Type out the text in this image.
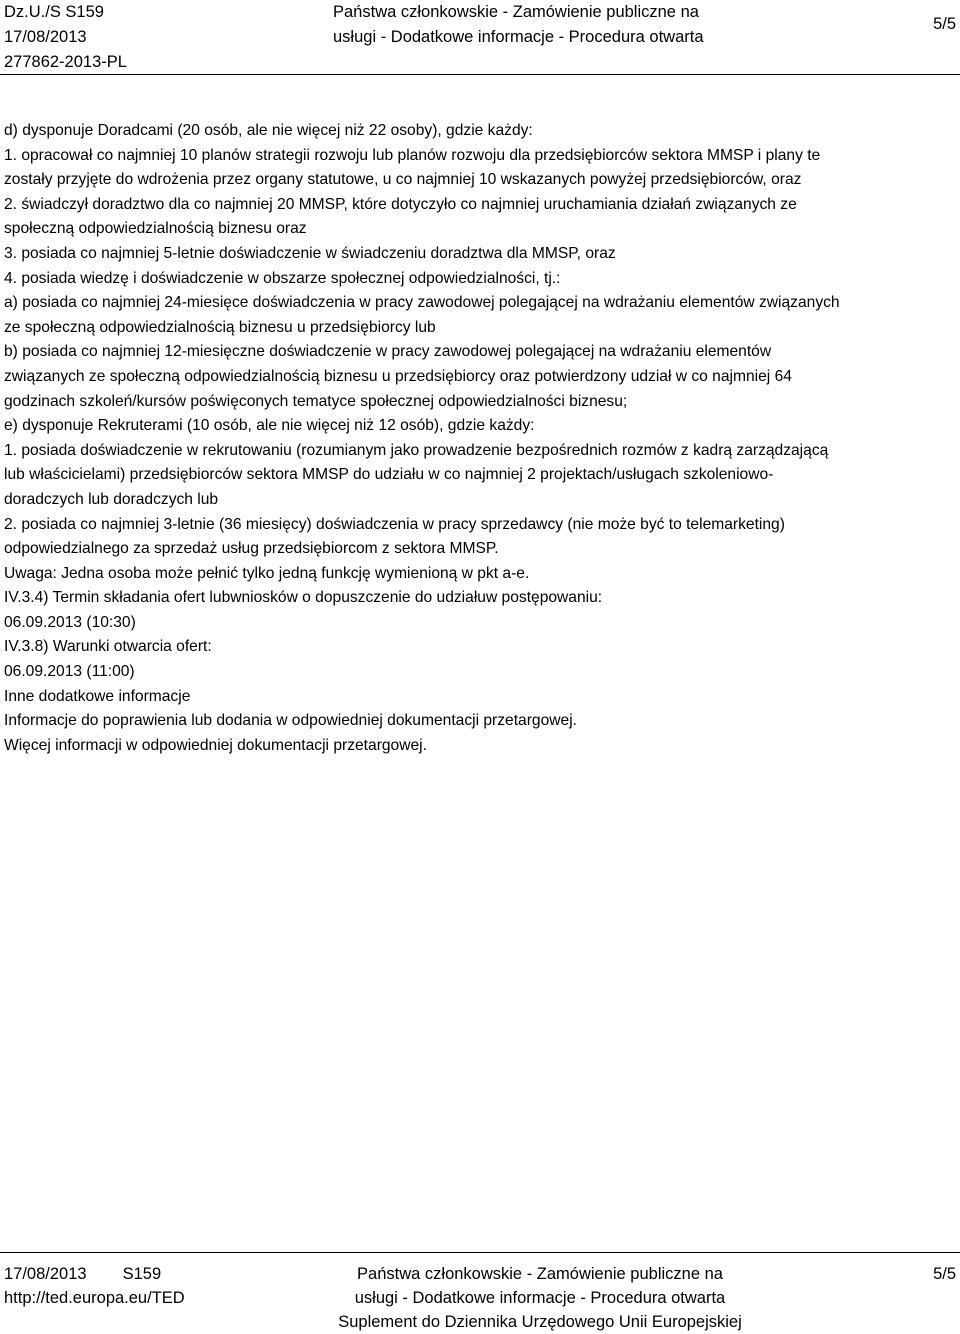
Dz.U./S S159
17/08/2013
277862-2013-PL
Państwa członkowskie - Zamówienie publiczne na
usługi - Dodatkowe informacje - Procedura otwarta
5/5

d) dysponuje Doradcami (20 osób, ale nie więcej niż 22 osoby), gdzie każdy:

1. opracował co najmniej 10 planów strategii rozwoju lub planów rozwoju dla przedsiębiorców sektora MMSP i plany te

zostały przyjęte do wdrożenia przez organy statutowe, u co najmniej 10 wskazanych powyżej przedsiębiorców, oraz

2. świadczył doradztwo dla co najmniej 20 MMSP, które dotyczyło co najmniej uruchamiania działań związanych ze

społeczną odpowiedzialnością biznesu oraz

3. posiada co najmniej 5-letnie doświadczenie w świadczeniu doradztwa dla MMSP, oraz

4. posiada wiedzę i doświadczenie w obszarze społecznej odpowiedzialności, tj.:

a) posiada co najmniej 24-miesięce doświadczenia w pracy zawodowej polegającej na wdrażaniu elementów związanych

ze społeczną odpowiedzialnością biznesu u przedsiębiorcy lub

b) posiada co najmniej 12-miesięczne doświadczenie w pracy zawodowej polegającej na wdrażaniu elementów

związanych ze społeczną odpowiedzialnością biznesu u przedsiębiorcy oraz potwierdzony udział w co najmniej 64

godzinach szkoleń/kursów poświęconych tematyce społecznej odpowiedzialności biznesu;

e) dysponuje Rekruterami (10 osób, ale nie więcej niż 12 osób), gdzie każdy:

1. posiada doświadczenie w rekrutowaniu (rozumianym jako prowadzenie bezpośrednich rozmów z kadrą zarządzającą

lub właścicielami) przedsiębiorców sektora MMSP do udziału w co najmniej 2 projektach/usługach szkoleniowo-

doradczych lub doradczych lub

2. posiada co najmniej 3-letnie (36 miesięcy) doświadczenia w pracy sprzedawcy (nie może być to telemarketing)

odpowiedzialnego za sprzedaż usług przedsiębiorcom z sektora MMSP.

Uwaga: Jedna osoba może pełnić tylko jedną funkcję wymienioną w pkt a-e.

IV.3.4) Termin składania ofert lubwniosków o dopuszczenie do udziałuw postępowaniu:

06.09.2013 (10:30)

IV.3.8) Warunki otwarcia ofert:

06.09.2013 (11:00)

Inne dodatkowe informacje

Informacje do poprawienia lub dodania w odpowiedniej dokumentacji przetargowej.

Więcej informacji w odpowiedniej dokumentacji przetargowej.

17/08/2013 S159
http://ted.europa.eu/TED
Państwa członkowskie - Zamówienie publiczne na
usługi - Dodatkowe informacje - Procedura otwarta
Suplement do Dziennika Urzędowego Unii Europejskiej
5/5
